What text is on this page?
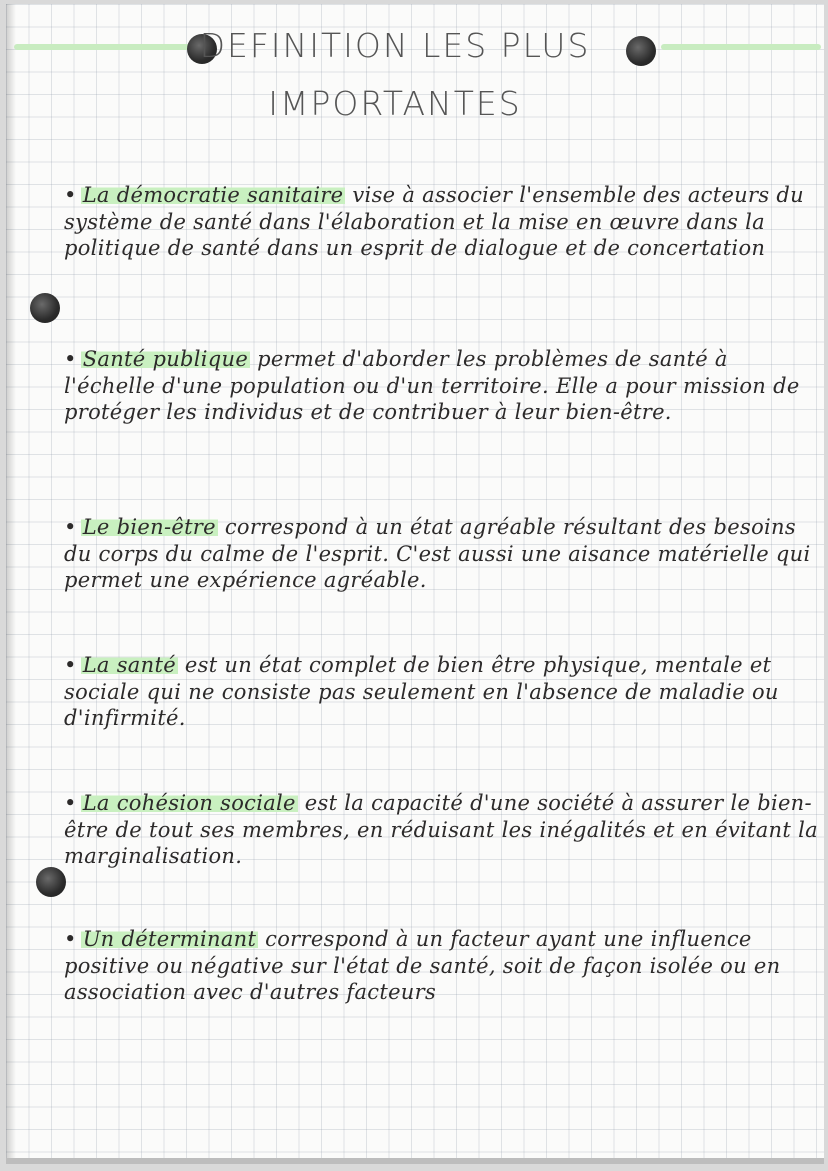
DEFINITION LES PLUS
IMPORTANTES

• La démocratie sanitaire vise à associer l'ensemble des acteurs du système de santé dans l'élaboration et la mise en œuvre dans la politique de santé dans un esprit de dialogue et de concertation

• Santé publique permet d'aborder les problèmes de santé à l'échelle d'une population ou d'un territoire. Elle a pour mission de protéger les individus et de contribuer à leur bien-être.

• Le bien-être correspond à un état agréable résultant des besoins du corps du calme de l'esprit. C'est aussi une aisance matérielle qui permet une expérience agréable.

• La santé est un état complet de bien être physique, mentale et sociale qui ne consiste pas seulement en l'absence de maladie ou d'infirmité.

• La cohésion sociale est la capacité d'une société à assurer le bien-être de tout ses membres, en réduisant les inégalités et en évitant la marginalisation.

• Un déterminant correspond à un facteur ayant une influence positive ou négative sur l'état de santé, soit de façon isolée ou en association avec d'autres facteurs
